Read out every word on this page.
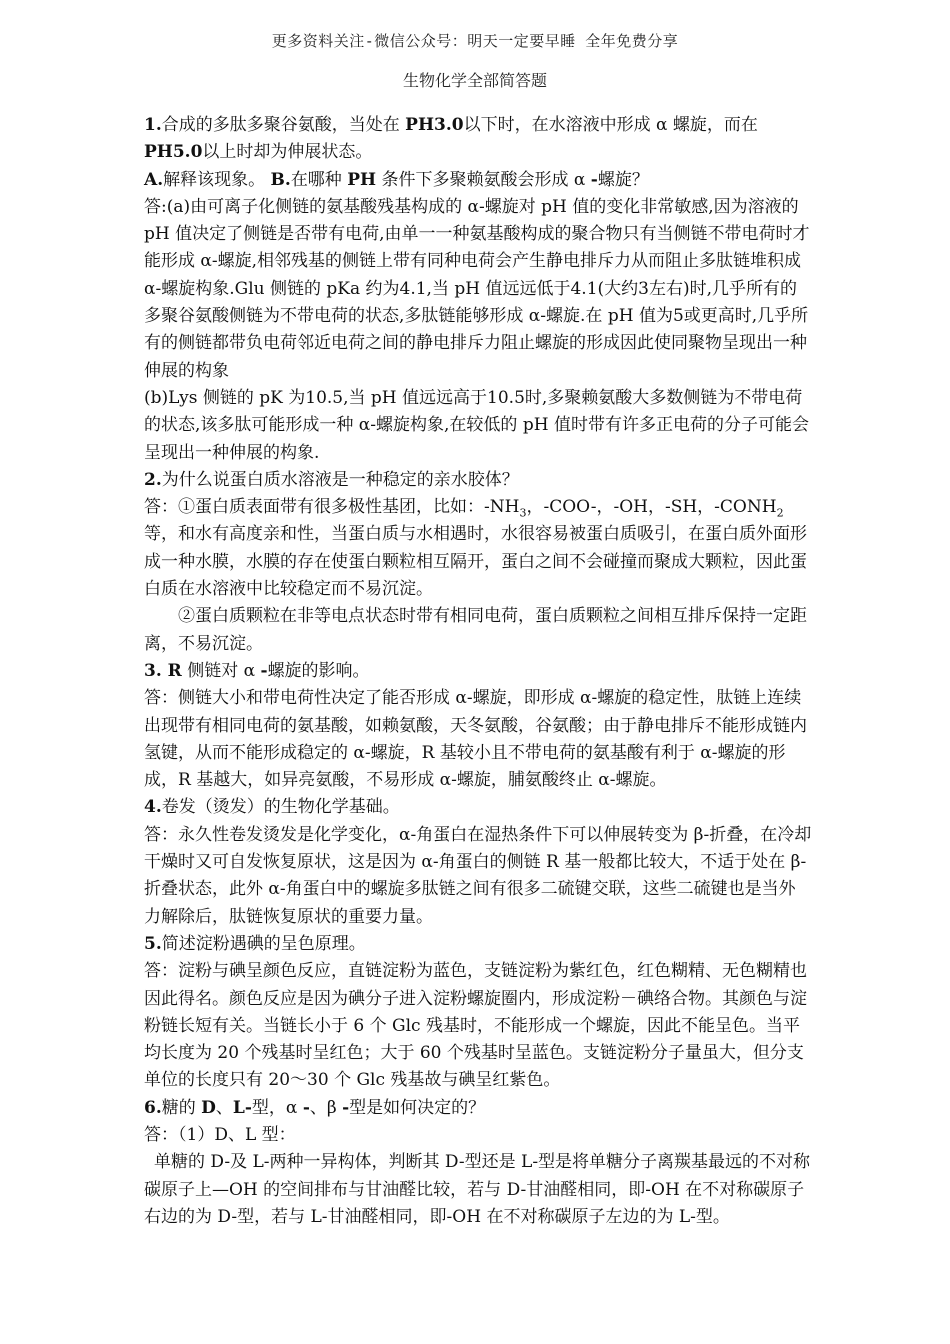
更多资料关注-微信公众号：明天一定要早睡 全年免费分享
生物化学全部简答题

1.合成的多肽多聚谷氨酸，当处在 PH3.0以下时，在水溶液中形成 α 螺旋，而在 PH5.0以上时却为伸展状态。

A.解释该现象。 B.在哪种 PH 条件下多聚赖氨酸会形成 α -螺旋？

答:(a)由可离子化侧链的氨基酸残基构成的 α-螺旋对 pH 值的变化非常敏感,因为溶液的 pH 值决定了侧链是否带有电荷,由单一一种氨基酸构成的聚合物只有当侧链不带电荷时才能形成 α-螺旋,相邻残基的侧链上带有同种电荷会产生静电排斥力从而阻止多肽链堆积成 α-螺旋构象.Glu 侧链的 pKa 约为4.1,当 pH 值远远低于4.1(大约3左右)时,几乎所有的多聚谷氨酸侧链为不带电荷的状态,多肽链能够形成 α-螺旋.在 pH 值为5或更高时,几乎所有的侧链都带负电荷邻近电荷之间的静电排斥力阻止螺旋的形成因此使同聚物呈现出一种伸展的构象

(b)Lys 侧链的 pK 为10.5,当 pH 值远远高于10.5时,多聚赖氨酸大多数侧链为不带电荷的状态,该多肽可能形成一种 α-螺旋构象,在较低的 pH 值时带有许多正电荷的分子可能会呈现出一种伸展的构象.

2.为什么说蛋白质水溶液是一种稳定的亲水胶体？

答：①蛋白质表面带有很多极性基团，比如：$-NH_3$，-COO-，-OH，-SH，$-CONH_2$等，和水有高度亲和性，当蛋白质与水相遇时，水很容易被蛋白质吸引，在蛋白质外面形成一种水膜，水膜的存在使蛋白颗粒相互隔开，蛋白之间不会碰撞而聚成大颗粒，因此蛋白质在水溶液中比较稳定而不易沉淀。

②蛋白质颗粒在非等电点状态时带有相同电荷，蛋白质颗粒之间相互排斥保持一定距离，不易沉淀。

3. R 侧链对 α -螺旋的影响。

答：侧链大小和带电荷性决定了能否形成 α-螺旋，即形成 α-螺旋的稳定性，肽链上连续出现带有相同电荷的氨基酸，如赖氨酸，天冬氨酸，谷氨酸；由于静电排斥不能形成链内氢键，从而不能形成稳定的 α-螺旋，R 基较小且不带电荷的氨基酸有利于 α-螺旋的形成，R 基越大，如异亮氨酸，不易形成 α-螺旋，脯氨酸终止 α-螺旋。

4.卷发（烫发）的生物化学基础。

答：永久性卷发烫发是化学变化，α-角蛋白在湿热条件下可以伸展转变为 β-折叠，在冷却干燥时又可自发恢复原状，这是因为 α-角蛋白的侧链 R 基一般都比较大，不适于处在 β-折叠状态，此外 α-角蛋白中的螺旋多肽链之间有很多二硫键交联，这些二硫键也是当外力解除后，肽链恢复原状的重要力量。

5.简述淀粉遇碘的呈色原理。

答：淀粉与碘呈颜色反应，直链淀粉为蓝色，支链淀粉为紫红色，红色糊精、无色糊精也因此得名。颜色反应是因为碘分子进入淀粉螺旋圈内，形成淀粉－碘络合物。其颜色与淀粉链长短有关。当链长小于 6 个 Glc 残基时，不能形成一个螺旋，因此不能呈色。当平均长度为 20 个残基时呈红色；大于 60 个残基时呈蓝色。支链淀粉分子量虽大，但分支单位的长度只有 20～30 个 Glc 残基故与碘呈红紫色。

6.糖的 D、L-型，α -、β -型是如何决定的？

答：（1）D、L 型：

单糖的 D-及 L-两种一异构体，判断其 D-型还是 L-型是将单糖分子离羰基最远的不对称碳原子上—OH 的空间排布与甘油醛比较，若与 D-甘油醛相同，即-OH 在不对称碳原子右边的为 D-型，若与 L-甘油醛相同，即-OH 在不对称碳原子左边的为 L-型。
